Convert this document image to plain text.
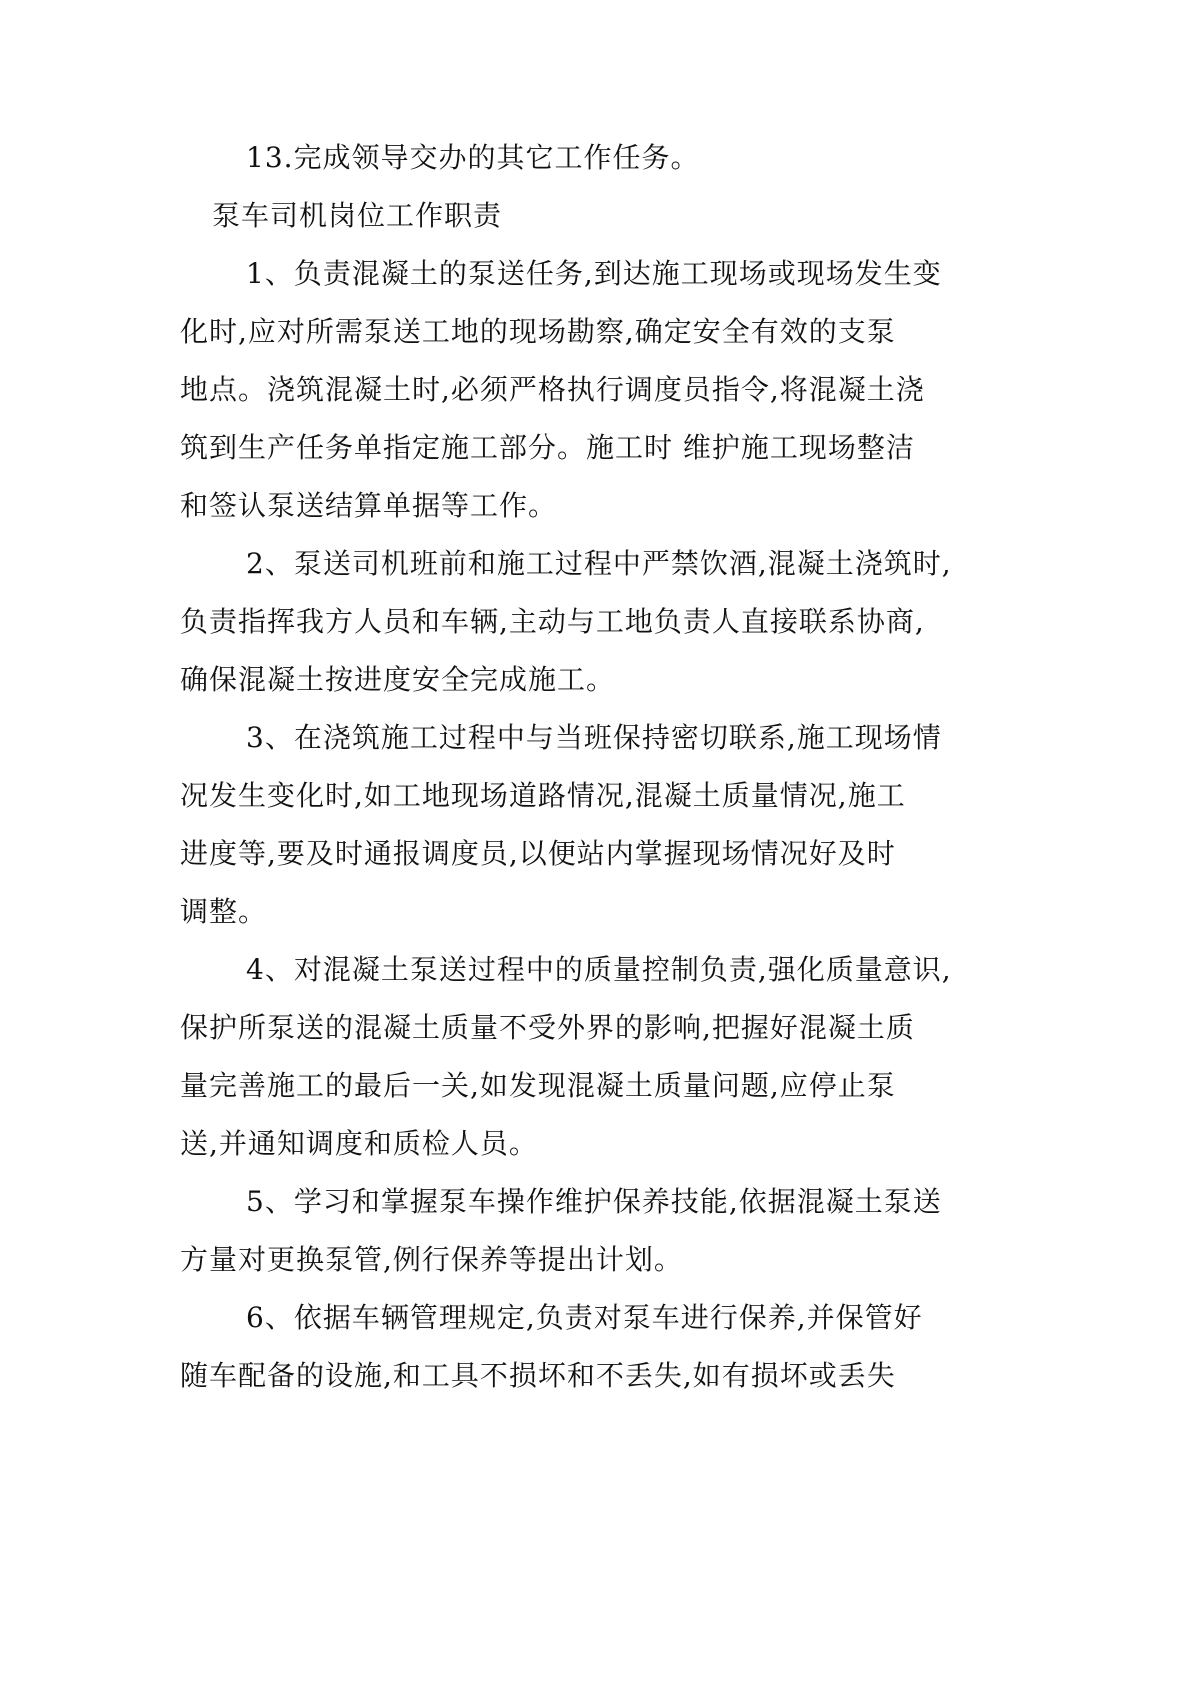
13.完成领导交办的其它工作任务。
泵车司机岗位工作职责
1、负责混凝土的泵送任务,到达施工现场或现场发生变
化时,应对所需泵送工地的现场勘察,确定安全有效的支泵
地点。浇筑混凝土时,必须严格执行调度员指令,将混凝土浇
筑到生产任务单指定施工部分。施工时 维护施工现场整洁
和签认泵送结算单据等工作。
2、泵送司机班前和施工过程中严禁饮酒,混凝土浇筑时,
负责指挥我方人员和车辆,主动与工地负责人直接联系协商,
确保混凝土按进度安全完成施工。
3、在浇筑施工过程中与当班保持密切联系,施工现场情
况发生变化时,如工地现场道路情况,混凝土质量情况,施工
进度等,要及时通报调度员,以便站内掌握现场情况好及时
调整。
4、对混凝土泵送过程中的质量控制负责,强化质量意识,
保护所泵送的混凝土质量不受外界的影响,把握好混凝土质
量完善施工的最后一关,如发现混凝土质量问题,应停止泵
送,并通知调度和质检人员。
5、学习和掌握泵车操作维护保养技能,依据混凝土泵送
方量对更换泵管,例行保养等提出计划。
6、依据车辆管理规定,负责对泵车进行保养,并保管好
随车配备的设施,和工具不损坏和不丢失,如有损坏或丢失
